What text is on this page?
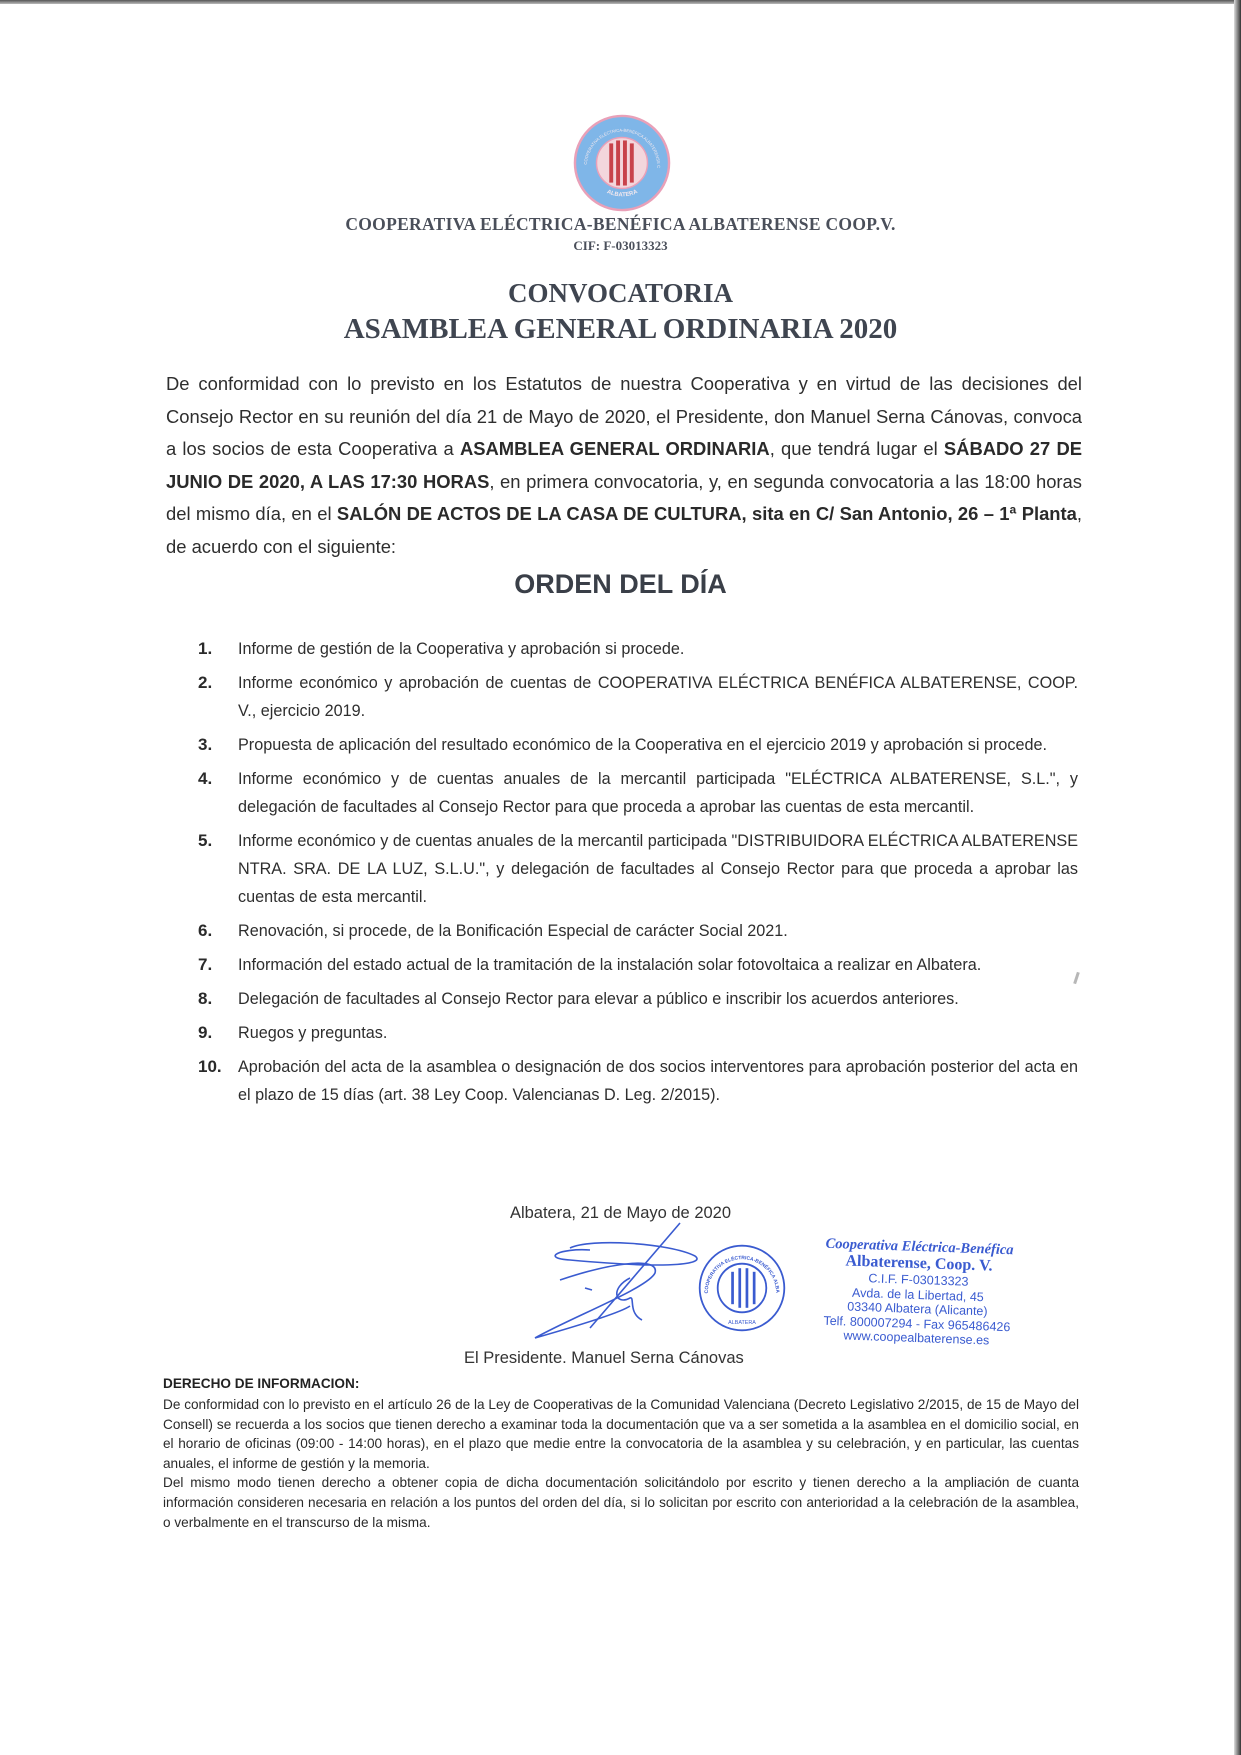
COOPERATIVA ELÉCTRICA-BENÉFICA ALBATERENSE C
ALBATERA
COOPERATIVA ELÉCTRICA-BENÉFICA ALBATERENSE COOP.V.
CIF: F-03013323
CONVOCATORIA
ASAMBLEA GENERAL ORDINARIA 2020
De conformidad con lo previsto en los Estatutos de nuestra Cooperativa y en virtud de las decisiones del Consejo Rector en su reunión del día 21 de Mayo de 2020, el Presidente, don Manuel Serna Cánovas, convoca a los socios de esta Cooperativa a ASAMBLEA GENERAL ORDINARIA, que tendrá lugar el SÁBADO 27 DE JUNIO DE 2020, A LAS 17:30 HORAS, en primera convocatoria, y, en segunda convocatoria a las 18:00 horas del mismo día, en el SALÓN DE ACTOS DE LA CASA DE CULTURA, sita en C/ San Antonio, 26 – 1ª Planta, de acuerdo con el siguiente:
ORDEN DEL DÍA
1. Informe de gestión de la Cooperativa y aprobación si procede.
2. Informe económico y aprobación de cuentas de COOPERATIVA ELÉCTRICA BENÉFICA ALBATERENSE, COOP. V., ejercicio 2019.
3. Propuesta de aplicación del resultado económico de la Cooperativa en el ejercicio 2019 y aprobación si procede.
4. Informe económico y de cuentas anuales de la mercantil participada "ELÉCTRICA ALBATERENSE, S.L.", y delegación de facultades al Consejo Rector para que proceda a aprobar las cuentas de esta mercantil.
5. Informe económico y de cuentas anuales de la mercantil participada "DISTRIBUIDORA ELÉCTRICA ALBATERENSE NTRA. SRA. DE LA LUZ, S.L.U.", y delegación de facultades al Consejo Rector para que proceda a aprobar las cuentas de esta mercantil.
6. Renovación, si procede, de la Bonificación Especial de carácter Social 2021.
7. Información del estado actual de la tramitación de la instalación solar fotovoltaica a realizar en Albatera.
8. Delegación de facultades al Consejo Rector para elevar a público e inscribir los acuerdos anteriores.
9. Ruegos y preguntas.
10. Aprobación del acta de la asamblea o designación de dos socios interventores para aprobación posterior del acta en el plazo de 15 días (art. 38 Ley Coop. Valencianas D. Leg. 2/2015).
Albatera, 21 de Mayo de 2020
COOPERATIVA ELÉCTRICA-BENÉFICA ALBA
ALBATERA
Cooperativa Eléctrica-Benéfica
Albaterense, Coop. V.
C.I.F. F-03013323
Avda. de la Libertad, 45
03340 Albatera (Alicante)
Telf. 800007294 - Fax 965486426
www.coopealbaterense.es
El Presidente. Manuel Serna Cánovas
DERECHO DE INFORMACION:

De conformidad con lo previsto en el artículo 26 de la Ley de Cooperativas de la Comunidad Valenciana (Decreto Legislativo 2/2015, de 15 de Mayo del Consell) se recuerda a los socios que tienen derecho a examinar toda la documentación que va a ser sometida a la asamblea en el domicilio social, en el horario de oficinas (09:00 - 14:00 horas), en el plazo que medie entre la convocatoria de la asamblea y su celebración, y en particular, las cuentas anuales, el informe de gestión y la memoria.

Del mismo modo tienen derecho a obtener copia de dicha documentación solicitándolo por escrito y tienen derecho a la ampliación de cuanta información consideren necesaria en relación a los puntos del orden del día, si lo solicitan por escrito con anterioridad a la celebración de la asamblea, o verbalmente en el transcurso de la misma.
